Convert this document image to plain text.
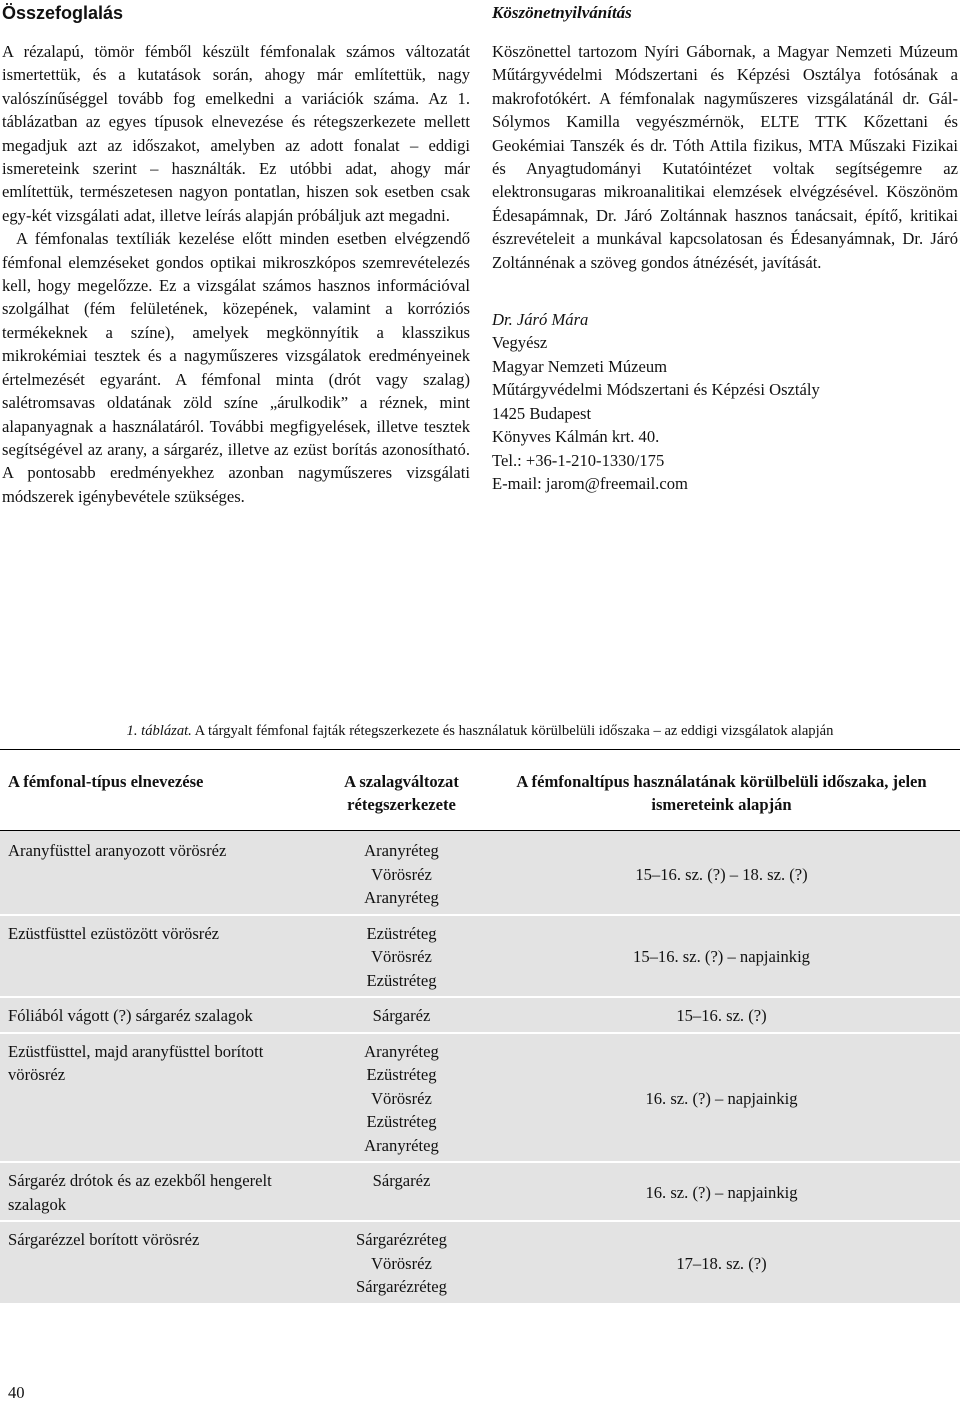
Összefoglalás

A rézalapú, tömör fémből készült fémfonalak számos változatát ismertettük, és a kutatások során, ahogy már említettük, nagy valószínűséggel tovább fog emelkedni a variációk száma. Az 1. táblázatban az egyes típusok elnevezése és rétegszerkezete mellett megadjuk azt az időszakot, amelyben az adott fonalat – eddigi ismereteink szerint – használták. Ez utóbbi adat, ahogy már említettük, természetesen nagyon pontatlan, hiszen sok esetben csak egy-két vizsgálati adat, illetve leírás alapján próbáljuk azt megadni.

A fémfonalas textíliák kezelése előtt minden esetben elvégzendő fémfonal elemzéseket gondos optikai mikroszkópos szemrevételezés kell, hogy megelőzze. Ez a vizsgálat számos hasznos információval szolgálhat (fém felületének, közepének, valamint a korróziós termékeknek a színe), amelyek megkönnyítik a klasszikus mikrokémiai tesztek és a nagyműszeres vizsgálatok eredményeinek értelmezését egyaránt. A fémfonal minta (drót vagy szalag) salétromsavas oldatának zöld színe „árulkodik” a réznek, mint alapanyagnak a használatáról. További megfigyelések, illetve tesztek segítségével az arany, a sárgaréz, illetve az ezüst borítás azonosítható. A pontosabb eredményekhez azonban nagyműszeres vizsgálati módszerek igénybevétele szükséges.

Köszönetnyilvánítás

Köszönettel tartozom Nyíri Gábornak, a Magyar Nemzeti Múzeum Műtárgyvédelmi Módszertani és Képzési Osztálya fotósának a makrofotókért. A fémfonalak nagyműszeres vizsgálatánál dr. Gál-Sólymos Kamilla vegyészmérnök, ELTE TTK Kőzettani és Geokémiai Tanszék és dr. Tóth Attila fizikus, MTA Műszaki Fizikai és Anyagtudományi Kutatóintézet voltak segítségemre az elektronsugaras mikroanalitikai elemzések elvégzésével. Köszönöm Édesapámnak, Dr. Járó Zoltánnak hasznos tanácsait, építő, kritikai észrevételeit a munkával kapcsolatosan és Édesanyámnak, Dr. Járó Zoltánnénak a szöveg gondos átnézését, javítását.

Dr. Járó Mára
Vegyész
Magyar Nemzeti Múzeum
Műtárgyvédelmi Módszertani és Képzési Osztály
1425 Budapest
Könyves Kálmán krt. 40.
Tel.: +36-1-210-1330/175
E-mail: jarom@freemail.com
1. táblázat. A tárgyalt fémfonal fajták rétegszerkezete és használatuk körülbelüli időszaka – az eddigi vizsgálatok alapján
A fémfonal-típus elnevezése	A szalagváltozat rétegszerkezete	A fémfonaltípus használatának körülbelüli időszaka, jelen ismereteink alapján
Aranyfüsttel aranyozott vörösréz	Aranyréteg
Vörösréz
Aranyréteg	15–16. sz. (?) – 18. sz. (?)
Ezüstfüsttel ezüstözött vörösréz	Ezüstréteg
Vörösréz
Ezüstréteg	15–16. sz. (?) – napjainkig
Fóliából vágott (?) sárgaréz szalagok	Sárgaréz	15–16. sz. (?)
Ezüstfüsttel, majd aranyfüsttel borított vörösréz	Aranyréteg
Ezüstréteg
Vörösréz
Ezüstréteg
Aranyréteg	16. sz. (?) – napjainkig
Sárgaréz drótok és az ezekből hengerelt szalagok	Sárgaréz	16. sz. (?) – napjainkig
Sárgarézzel borított vörösréz	Sárgarézréteg
Vörösréz
Sárgarézréteg	17–18. sz. (?)
40
